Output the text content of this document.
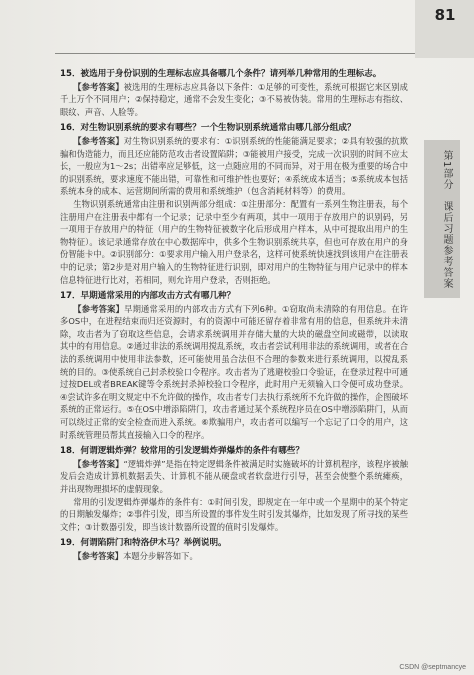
81
第1部分　课后习题参考答案

15．被选用于身份识别的生理标志应具备哪几个条件？请列举几种常用的生理标志。

【参考答案】被选用的生理标志应具备以下条件：①足够的可变性，系统可根据它来区别成千上万个不同用户；②保持稳定，通常不会发生变化；③不易被伪装。常用的生理标志有指纹、眼纹、声音、人脸等。

16．对生物识别系统的要求有哪些？一个生物识别系统通常由哪几部分组成？

【参考答案】对生物识别系统的要求有：①识别系统的性能能满足要求；②具有较强的抗欺骗和伪造能力，而且还应能防范攻击者设置陷阱；③能被用户接受，完成一次识别的时间不应太长，一般应为1～2s；出错率应足够低，这一点随应用的不同而异，对于用在极为重要的场合中的识别系统，要求速度不能出错，可靠性和可维护性也要好；④系统成本适当；⑤系统成本包括系统本身的成本、运营期间所需的费用和系统维护（包含消耗材料等）的费用。

生物识别系统通常由注册和识别两部分组成：①注册部分：配置有一系列生物注册表，每个注册用户在注册表中都有一个记录；记录中至少有两项，其中一项用于存放用户的识别码，另一项用于存放用户的特征（用户的生物特征被数字化后形成用户样本，从中可提取出用户的生物特征）。该记录通常存放在中心数据库中，供多个生物识别系统共享，但也可存放在用户的身份智能卡中。②识别部分：①要求用户输入用户登录名，这样可使系统快速找到该用户在注册表中的记录；第2步是对用户输入的生物特征进行识别，即对用户的生物特征与用户记录中的样本信息特征进行比对，若相同，则允许用户登录，否则拒绝。

17．早期通常采用的内部攻击方式有哪几种？

【参考答案】早期通常采用的内部攻击方式有下列6种。①窃取尚未清除的有用信息。在许多OS中，在进程结束而归还资源时，有的资源中可能还留存着非常有用的信息，但系统并未清除，攻击者为了窃取这些信息，会请求系统调用并存储大量的大块的磁盘空间或磁带，以读取其中的有用信息。②通过非法的系统调用搅乱系统，攻击者尝试利用非法的系统调用，或者在合法的系统调用中使用非法参数，还可能使用虽合法但不合理的参数来进行系统调用，以搅乱系统的目的。③使系统自己封杀校验口令程序。攻击者为了逃避校验口令验证，在登录过程中可通过按DEL或者BREAK键等令系统封杀掉校验口令程序，此时用户无须输入口令便可成功登录。④尝试许多在明文规定中不允许做的操作，攻击者专门去执行系统所不允许做的操作，企图破坏系统的正常运行。⑤在OS中增添陷阱门，攻击者通过某个系统程序员在OS中增添陷阱门，从而可以绕过正常的安全检查而进入系统。⑥欺骗用户，攻击者可以编写一个忘记了口令的用户，这时系统管理员帮其直接输入口令的程序。

18．何谓逻辑炸弹？较常用的引发逻辑炸弹爆炸的条件有哪些？

【参考答案】“逻辑炸弹”是指在特定逻辑条件被满足时实施破坏的计算机程序，该程序被触发后会造成计算机数据丢失、计算机不能从硬盘或者软盘进行引导，甚至会使整个系统瘫痪，并出现物理损坏的虚假现象。

常用的引发逻辑炸弹爆炸的条件有：①时间引发，即规定在一年中或一个星期中的某个特定的日期触发爆炸；②事件引发，即当所设置的事件发生时引发其爆炸，比如发现了所寻找的某些文件；③计数器引发，即当该计数器所设置的值时引发爆炸。

19．何谓陷阱门和特洛伊木马？举例说明。

【参考答案】本题分步解答如下。

CSDN @septmancye
